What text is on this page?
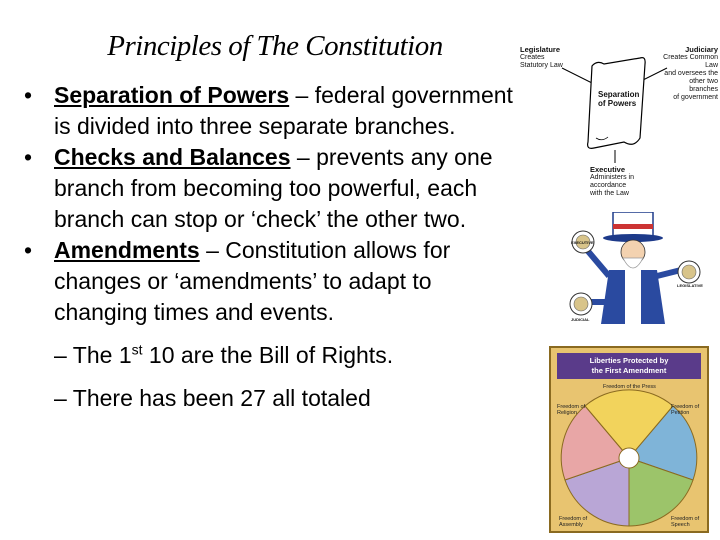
Principles of The Constitution
• Separation of Powers – federal government is divided into three separate branches.
• Checks and Balances – prevents any one branch from becoming too powerful, each branch can stop or ‘check’ the other two.
• Amendments – Constitution allows for changes or ‘amendments’ to adapt to changing times and events.
– The 1st 10 are the Bill of Rights.
– There has been 27 all totaled
Legislature
Creates
Statutory Law
Judiciary
Creates Common Law
and oversees the
other two branches
of government
Separation
of Powers
Executive
Administers in
accordance
with the Law
EXECUTIVE
LEGISLATIVE
JUDICIAL
Liberties Protected by
the First Amendment
Freedom of the Press
Freedom of
Religion
Freedom of
Petition
Freedom of
Assembly
Freedom of
Speech
